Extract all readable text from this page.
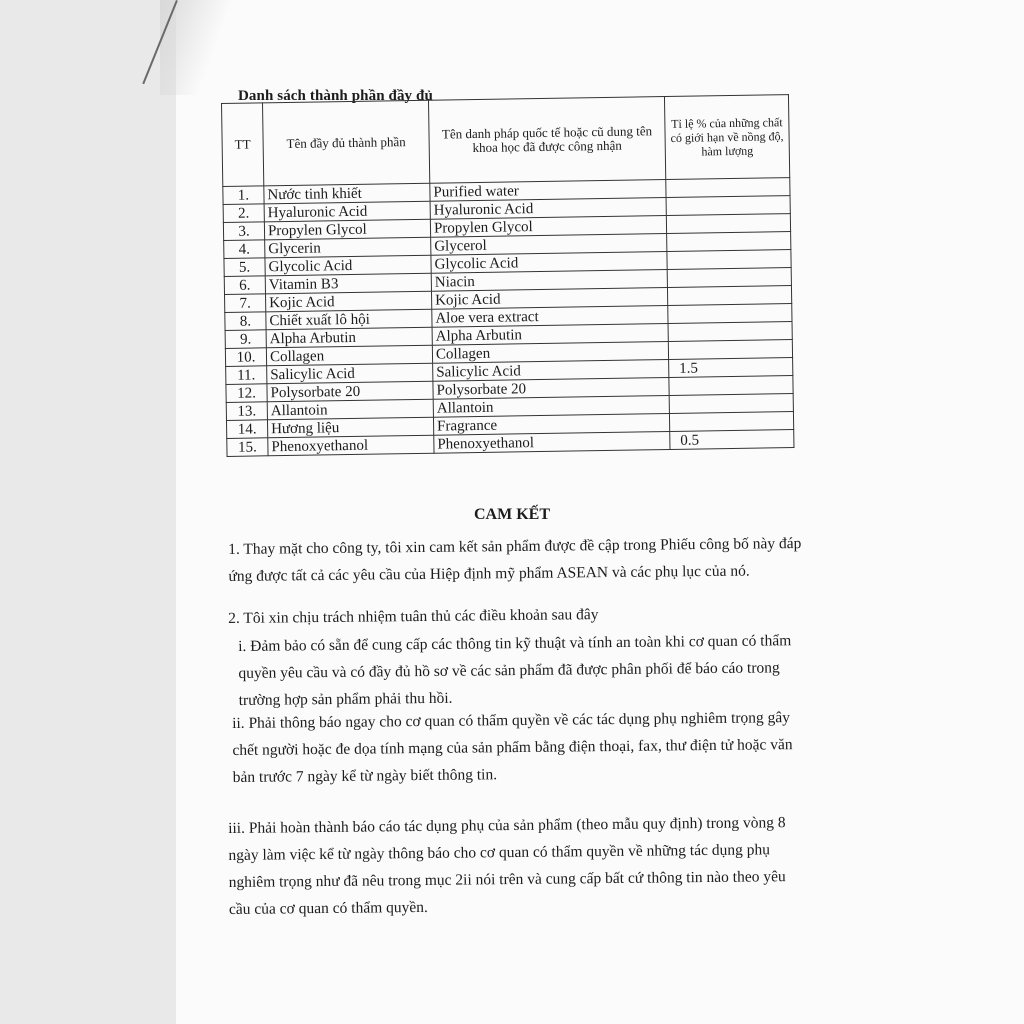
Danh sách thành phần đầy đủ
TT	Tên đầy đủ thành phần	Tên danh pháp quốc tế hoặc cũ dung tên khoa học đã được công nhận	Tỉ lệ % của những chất có giới hạn về nồng độ, hàm lượng
1.	Nước tinh khiết	Purified water	
2.	Hyaluronic Acid	Hyaluronic Acid	
3.	Propylen Glycol	Propylen Glycol	
4.	Glycerin	Glycerol	
5.	Glycolic Acid	Glycolic Acid	
6.	Vitamin B3	Niacin	
7.	Kojic Acid	Kojic Acid	
8.	Chiết xuất lô hội	Aloe vera extract	
9.	Alpha Arbutin	Alpha Arbutin	
10.	Collagen	Collagen	
11.	Salicylic Acid	Salicylic Acid	1.5
12.	Polysorbate 20	Polysorbate 20	
13.	Allantoin	Allantoin	
14.	Hương liệu	Fragrance	
15.	Phenoxyethanol	Phenoxyethanol	0.5
CAM KẾT
1. Thay mặt cho công ty, tôi xin cam kết sản phẩm được đề cập trong Phiếu công bố này đáp ứng được tất cả các yêu cầu của Hiệp định mỹ phẩm ASEAN và các phụ lục của nó.
2. Tôi xin chịu trách nhiệm tuân thủ các điều khoản sau đây
i. Đảm bảo có sẵn để cung cấp các thông tin kỹ thuật và tính an toàn khi cơ quan có thẩm quyền yêu cầu và có đầy đủ hồ sơ về các sản phẩm đã được phân phối để báo cáo trong trường hợp sản phẩm phải thu hồi.
ii. Phải thông báo ngay cho cơ quan có thẩm quyền về các tác dụng phụ nghiêm trọng gây chết người hoặc đe dọa tính mạng của sản phẩm bằng điện thoại, fax, thư điện tử hoặc văn bản trước 7 ngày kể từ ngày biết thông tin.
iii. Phải hoàn thành báo cáo tác dụng phụ của sản phẩm (theo mẫu quy định) trong vòng 8 ngày làm việc kể từ ngày thông báo cho cơ quan có thẩm quyền về những tác dụng phụ nghiêm trọng như đã nêu trong mục 2ii nói trên và cung cấp bất cứ thông tin nào theo yêu cầu của cơ quan có thẩm quyền.
